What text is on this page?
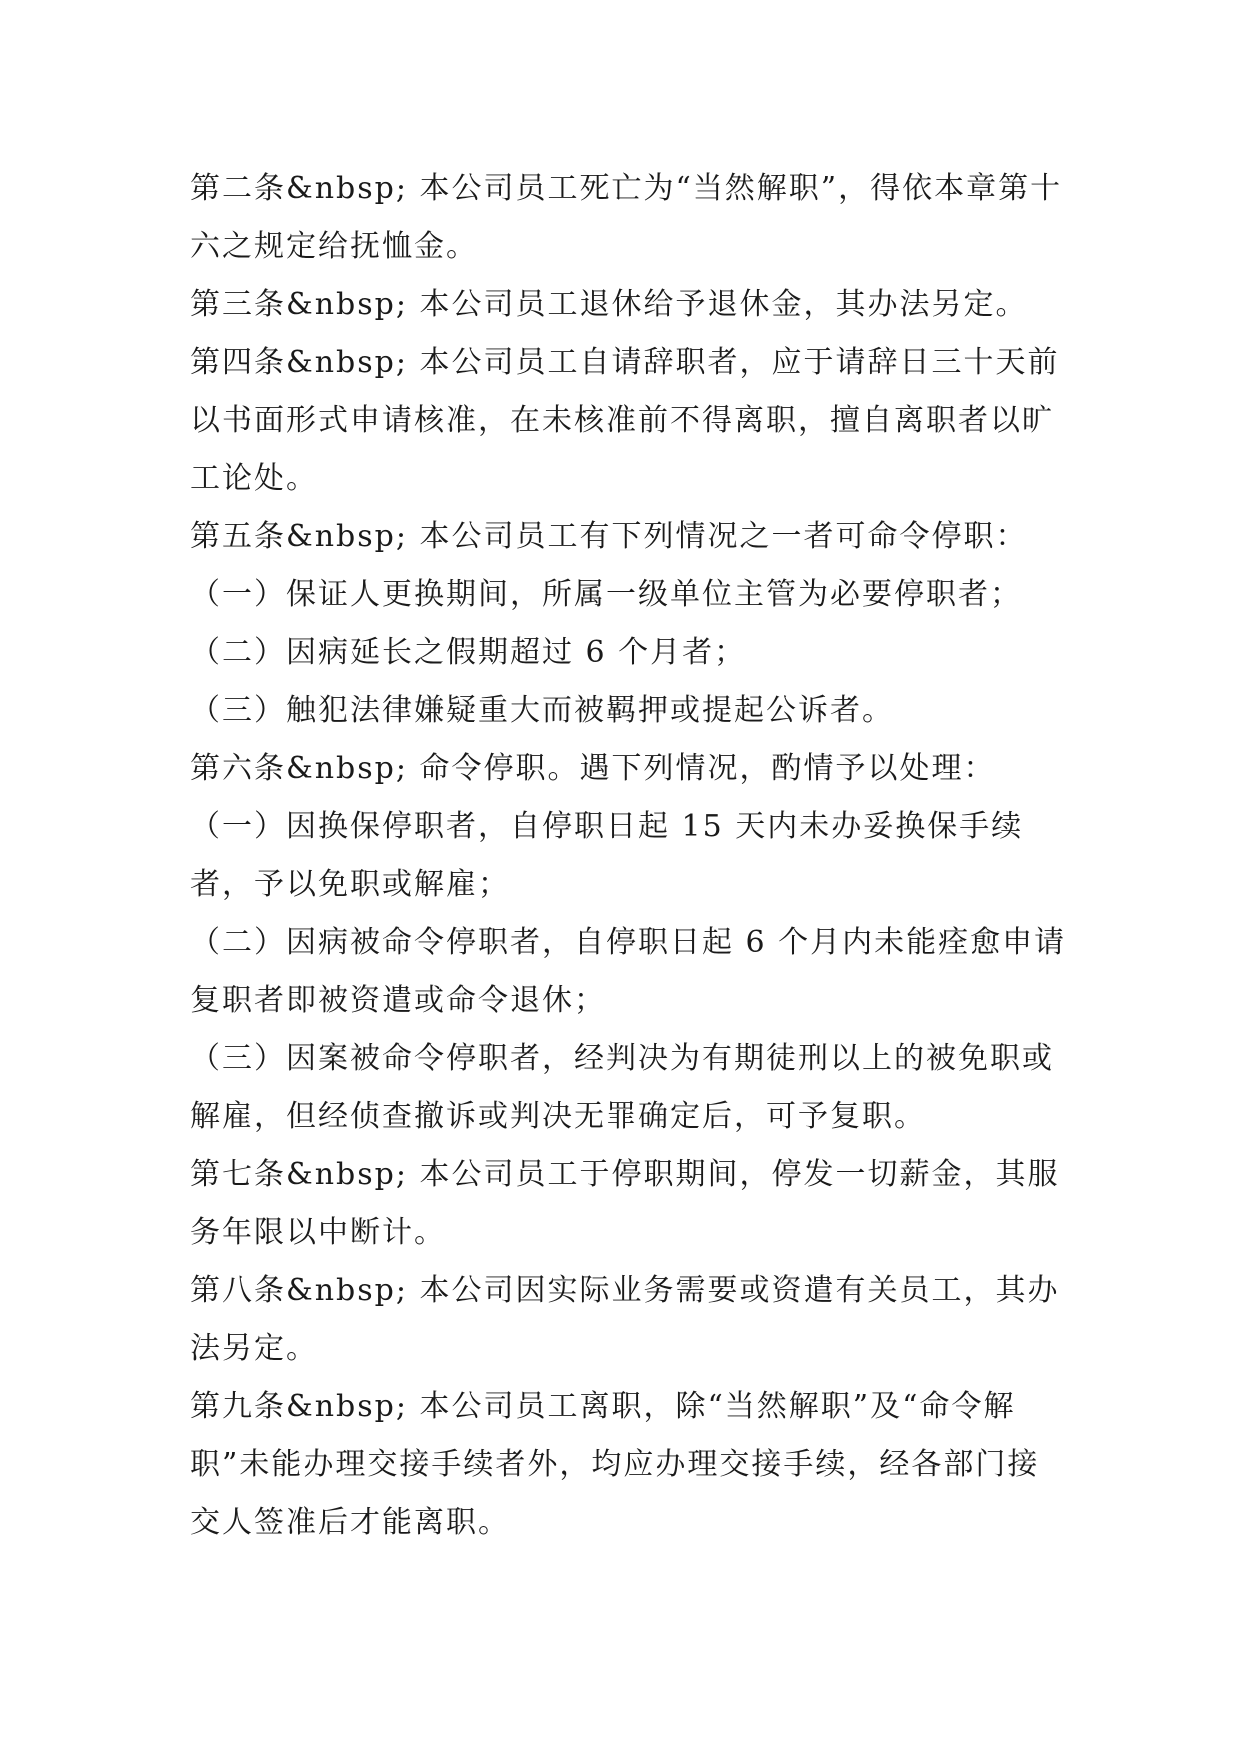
第二条&nbsp; 本公司员工死亡为“当然解职”，得依本章第十六之规定给抚恤金。

第三条&nbsp; 本公司员工退休给予退休金，其办法另定。

第四条&nbsp; 本公司员工自请辞职者，应于请辞日三十天前以书面形式申请核准，在未核准前不得离职，擅自离职者以旷工论处。

第五条&nbsp; 本公司员工有下列情况之一者可命令停职：

（一）保证人更换期间，所属一级单位主管为必要停职者；

（二）因病延长之假期超过 6 个月者；

（三）触犯法律嫌疑重大而被羁押或提起公诉者。

第六条&nbsp; 命令停职。遇下列情况，酌情予以处理：

（一）因换保停职者，自停职日起 15 天内未办妥换保手续者，予以免职或解雇；

（二）因病被命令停职者，自停职日起 6 个月内未能痊愈申请复职者即被资遣或命令退休；

（三）因案被命令停职者，经判决为有期徒刑以上的被免职或解雇，但经侦查撤诉或判决无罪确定后，可予复职。

第七条&nbsp; 本公司员工于停职期间，停发一切薪金，其服务年限以中断计。

第八条&nbsp; 本公司因实际业务需要或资遣有关员工，其办法另定。

第九条&nbsp; 本公司员工离职，除“当然解职”及“命令解职”未能办理交接手续者外，均应办理交接手续，经各部门接交人签准后才能离职。
